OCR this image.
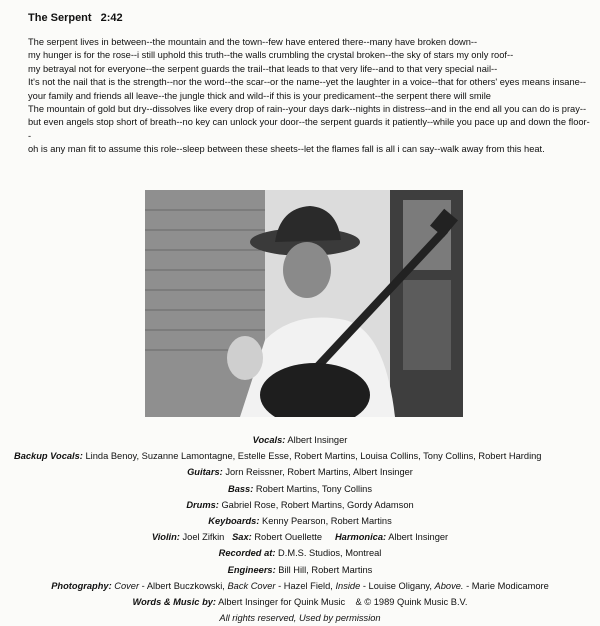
The Serpent 2:42

The serpent lives in between--the mountain and the town--few have entered there--many have broken down--

my hunger is for the rose--i still uphold this truth--the walls crumbling the crystal broken--the sky of stars my only roof--

my betrayal not for everyone--the serpent guards the trail--that leads to that very life--and to that very special nail--

It's not the nail that is the strength--nor the word--the scar--or the name--yet the laughter in a voice--that for others' eyes means insane--

your family and friends all leave--the jungle thick and wild--if this is your predicament--the serpent there will smile

The mountain of gold but dry--dissolves like every drop of rain--your days dark--nights in distress--and in the end all you can do is pray--

but even angels stop short of breath--no key can unlock your door--the serpent guards it patiently--while you pace up and down the floor--

oh is any man fit to assume this role--sleep between these sheets--let the flames fall is all i can say--walk away from this heat.

Vocals: Albert Insinger
Backup Vocals: Linda Benoy, Suzanne Lamontagne, Estelle Esse, Robert Martins, Louisa Collins, Tony Collins, Robert Harding
Guitars: Jorn Reissner, Robert Martins, Albert Insinger
Bass: Robert Martins, Tony Collins
Drums: Gabriel Rose, Robert Martins, Gordy Adamson
Keyboards: Kenny Pearson, Robert Martins
Violin: Joel Zifkin Sax: Robert Ouellette Harmonica: Albert Insinger
Recorded at: D.M.S. Studios, Montreal
Engineers: Bill Hill, Robert Martins
Photography: Cover - Albert Buczkowski, Back Cover - Hazel Field, Inside - Louise Oligany, Above. - Marie Modicamore
Words & Music by: Albert Insinger for Quink Music & © 1989 Quink Music B.V.
All rights reserved, Used by permission
